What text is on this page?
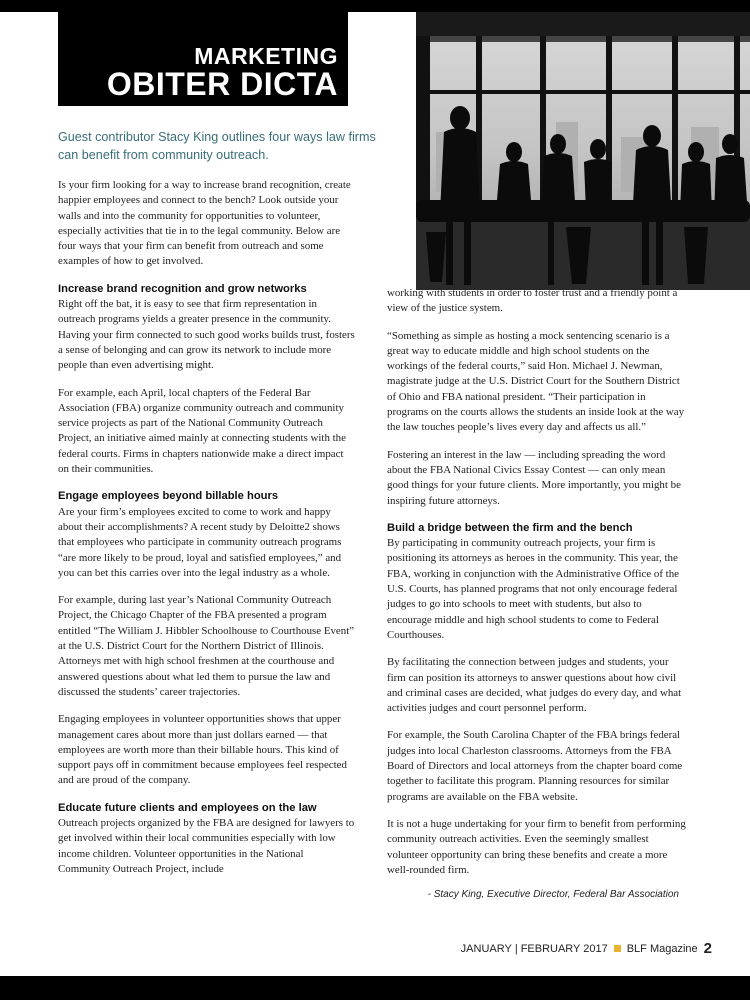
MARKETING
OBITER DICTA
Guest contributor Stacy King outlines four ways law firms can benefit from community outreach.

Is your firm looking for a way to increase brand recognition, create happier employees and connect to the bench? Look outside your walls and into the community for opportunities to volunteer, especially activities that tie in to the legal community. Below are four ways that your firm can benefit from outreach and some examples of how to get involved.

Increase brand recognition and grow networks

Right off the bat, it is easy to see that firm representation in outreach programs yields a greater presence in the community. Having your firm connected to such good works builds trust, fosters a sense of belonging and can grow its network to include more people than even advertising might.

For example, each April, local chapters of the Federal Bar Association (FBA) organize community outreach and community service projects as part of the National Community Outreach Project, an initiative aimed mainly at connecting students with the federal courts. Firms in chapters nationwide make a direct impact on their communities.

Engage employees beyond billable hours

Are your firm’s employees excited to come to work and happy about their accomplishments? A recent study by Deloitte2 shows that employees who participate in community outreach programs “are more likely to be proud, loyal and satisfied employees,” and you can bet this carries over into the legal industry as a whole.

For example, during last year’s National Community Outreach Project, the Chicago Chapter of the FBA presented a program entitled “The William J. Hibbler Schoolhouse to Courthouse Event” at the U.S. District Court for the Northern District of Illinois. Attorneys met with high school freshmen at the courthouse and answered questions about what led them to pursue the law and discussed the students’ career trajectories.

Engaging employees in volunteer opportunities shows that upper management cares about more than just dollars earned — that employees are worth more than their billable hours. This kind of support pays off in commitment because employees feel respected and are proud of the company.

Educate future clients and employees on the law

Outreach projects organized by the FBA are designed for lawyers to get involved within their local communities especially with low income children. Volunteer opportunities in the National Community Outreach Project, include

working with students in order to foster trust and a friendly point a view of the justice system.

“Something as simple as hosting a mock sentencing scenario is a great way to educate middle and high school students on the workings of the federal courts,” said Hon. Michael J. Newman, magistrate judge at the U.S. District Court for the Southern District of Ohio and FBA national president. “Their participation in programs on the courts allows the students an inside look at the way the law touches people’s lives every day and affects us all.”

Fostering an interest in the law — including spreading the word about the FBA National Civics Essay Contest — can only mean good things for your future clients. More importantly, you might be inspiring future attorneys.

Build a bridge between the firm and the bench

By participating in community outreach projects, your firm is positioning its attorneys as heroes in the community. This year, the FBA, working in conjunction with the Administrative Office of the U.S. Courts, has planned programs that not only encourage federal judges to go into schools to meet with students, but also to encourage middle and high school students to come to Federal Courthouses.

By facilitating the connection between judges and students, your firm can position its attorneys to answer questions about how civil and criminal cases are decided, what judges do every day, and what activities judges and court personnel perform.

For example, the South Carolina Chapter of the FBA brings federal judges into local Charleston classrooms. Attorneys from the FBA Board of Directors and local attorneys from the chapter board come together to facilitate this program. Planning resources for similar programs are available on the FBA website.

It is not a huge undertaking for your firm to benefit from performing community outreach activities. Even the seemingly smallest volunteer opportunity can bring these benefits and create a more well-rounded firm.

- Stacy King, Executive Director, Federal Bar Association
JANUARY | FEBRUARY 2017 BLF Magazine 2
